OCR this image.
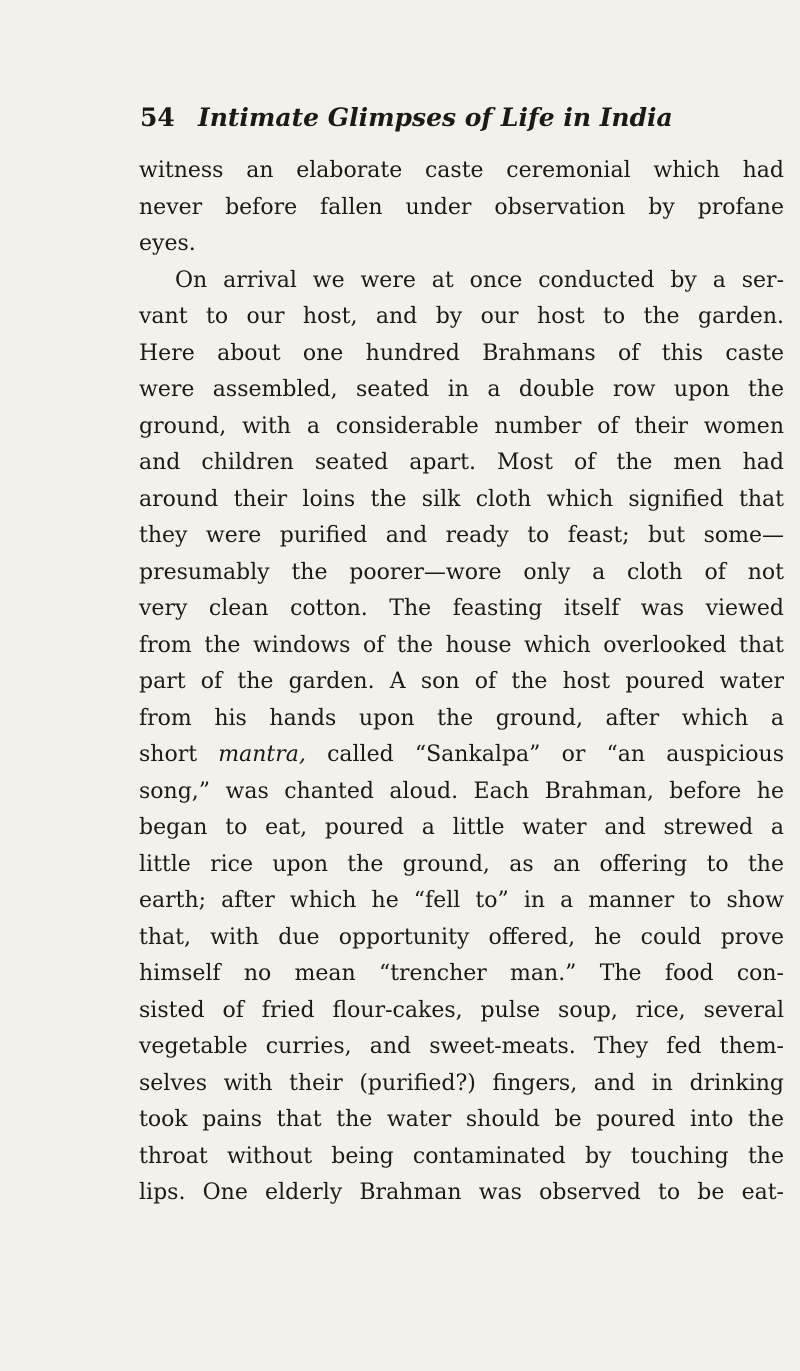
54 Intimate Glimpses of Life in India
witness an elaborate caste ceremonial which had
never before fallen under observation by profane
eyes.
On arrival we were at once conducted by a ser-
vant to our host, and by our host to the garden.
Here about one hundred Brahmans of this caste
were assembled, seated in a double row upon the
ground, with a considerable number of their women
and children seated apart. Most of the men had
around their loins the silk cloth which signified that
they were purified and ready to feast; but some—
presumably the poorer—wore only a cloth of not
very clean cotton. The feasting itself was viewed
from the windows of the house which overlooked that
part of the garden. A son of the host poured water
from his hands upon the ground, after which a
short mantra, called “Sankalpa” or “an auspicious
song,” was chanted aloud. Each Brahman, before he
began to eat, poured a little water and strewed a
little rice upon the ground, as an offering to the
earth; after which he “fell to” in a manner to show
that, with due opportunity offered, he could prove
himself no mean “trencher man.” The food con-
sisted of fried flour-cakes, pulse soup, rice, several
vegetable curries, and sweet-meats. They fed them-
selves with their (purified?) fingers, and in drinking
took pains that the water should be poured into the
throat without being contaminated by touching the
lips. One elderly Brahman was observed to be eat-
